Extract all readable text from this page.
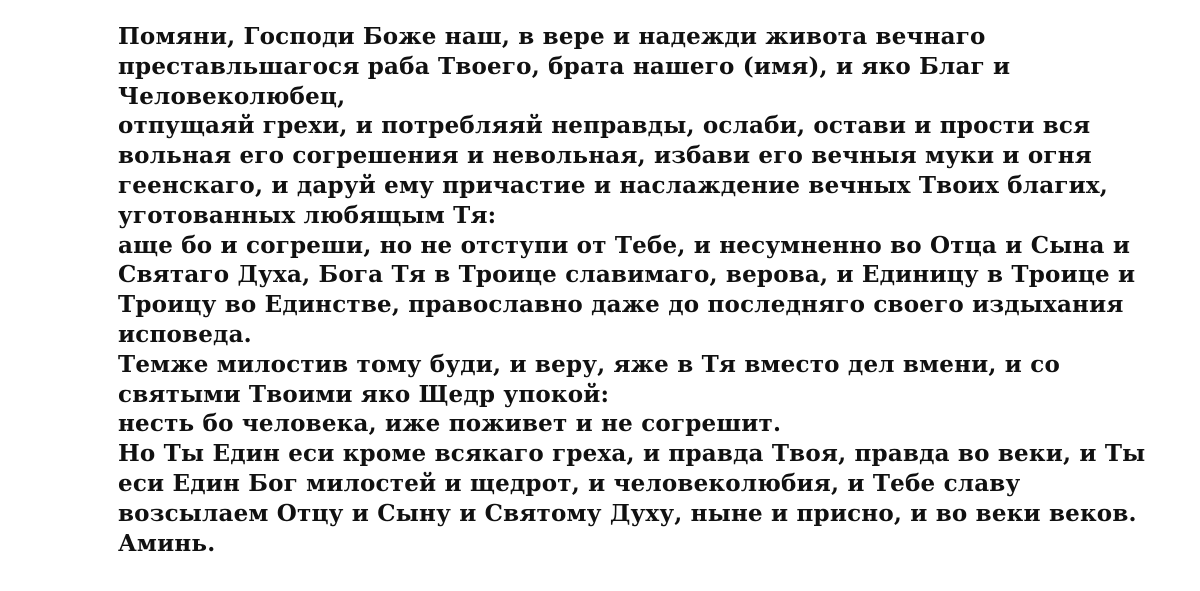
Помяни, Господи Боже наш, в вере и надежди живота вечнаго
преставльшагося раба Твоего, брата нашего (имя), и яко Благ и
Человеколюбец,
отпущаяй грехи, и потребляяй неправды, ослаби, остави и прости вся
вольная его согрешения и невольная, избави его вечныя муки и огня
геенскаго, и даруй ему причастие и наслаждение вечных Твоих благих,
уготованных любящым Тя:
аще бо и согреши, но не отступи от Тебе, и несумненно во Отца и Сына и
Святаго Духа, Бога Тя в Троице славимаго, верова, и Единицу в Троице и
Троицу во Единстве, православно даже до последняго своего издыхания
исповеда.
Темже милостив тому буди, и веру, яже в Тя вместо дел вмени, и со
святыми Твоими яко Щедр упокой:
несть бо человека, иже поживет и не согрешит.
Но Ты Един еси кроме всякаго греха, и правда Твоя, правда во веки, и Ты
еси Един Бог милостей и щедрот, и человеколюбия, и Тебе славу
возсылаем Отцу и Сыну и Святому Духу, ныне и присно, и во веки веков.
Аминь.
